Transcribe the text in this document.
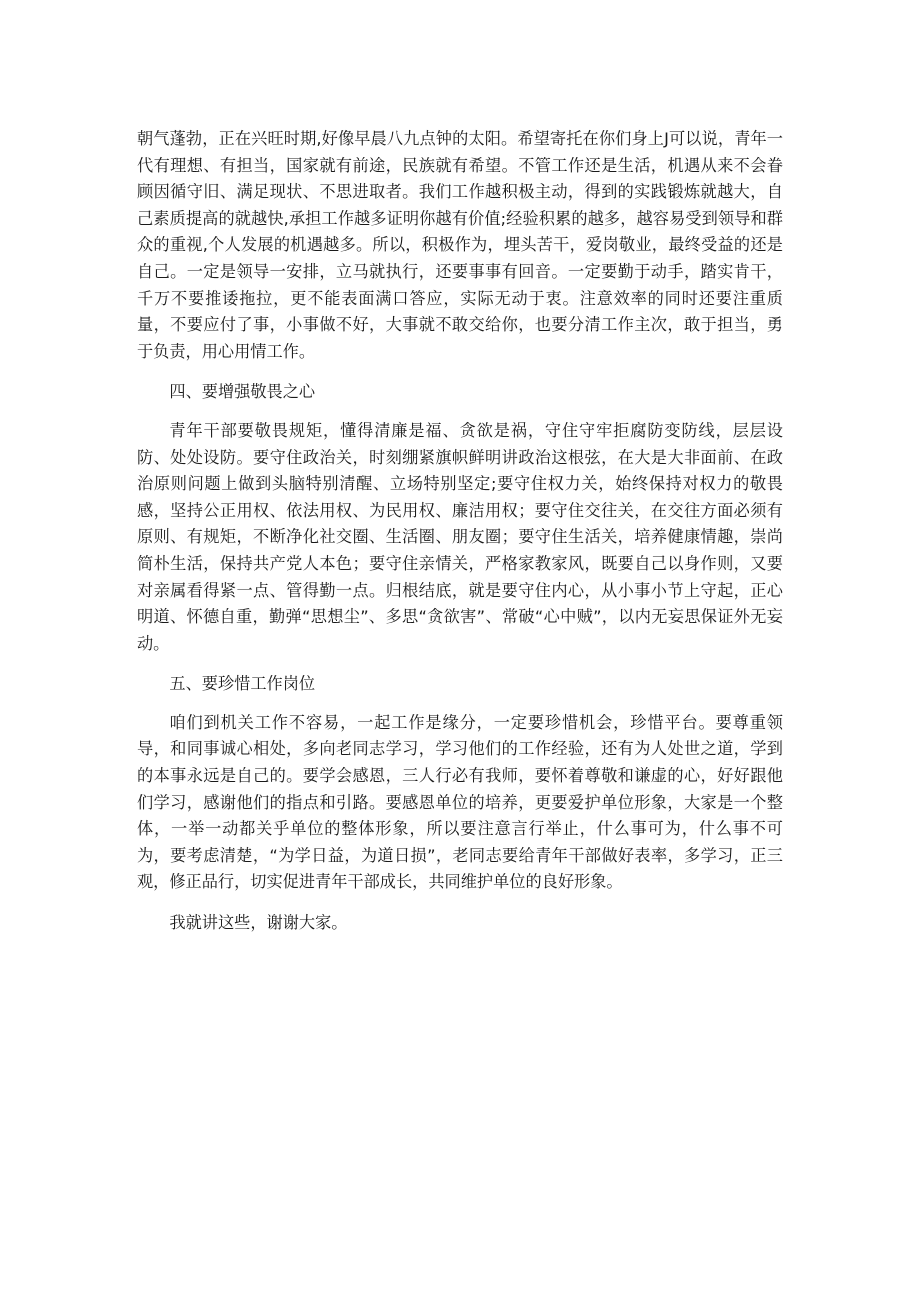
朝气蓬勃，正在兴旺时期,好像早晨八九点钟的太阳。希望寄托在你们身上J可以说，青年一代有理想、有担当，国家就有前途，民族就有希望。不管工作还是生活，机遇从来不会眷顾因循守旧、满足现状、不思进取者。我们工作越积极主动，得到的实践锻炼就越大，自己素质提高的就越快,承担工作越多证明你越有价值;经验积累的越多，越容易受到领导和群众的重视,个人发展的机遇越多。所以，积极作为，埋头苦干，爱岗敬业，最终受益的还是自己。一定是领导一安排，立马就执行，还要事事有回音。一定要勤于动手，踏实肯干，千万不要推诿拖拉，更不能表面满口答应，实际无动于衷。注意效率的同时还要注重质量，不要应付了事，小事做不好，大事就不敢交给你，也要分清工作主次，敢于担当，勇于负责，用心用情工作。

四、要增强敬畏之心

青年干部要敬畏规矩，懂得清廉是福、贪欲是祸，守住守牢拒腐防变防线，层层设防、处处设防。要守住政治关，时刻绷紧旗帜鲜明讲政治这根弦，在大是大非面前、在政治原则问题上做到头脑特别清醒、立场特别坚定;要守住权力关，始终保持对权力的敬畏感，坚持公正用权、依法用权、为民用权、廉洁用权；要守住交往关，在交往方面必须有原则、有规矩，不断净化社交圈、生活圈、朋友圈；要守住生活关，培养健康情趣，崇尚简朴生活，保持共产党人本色；要守住亲情关，严格家教家风，既要自己以身作则，又要对亲属看得紧一点、管得勤一点。归根结底，就是要守住内心，从小事小节上守起，正心明道、怀德自重，勤弹“思想尘”、多思“贪欲害”、常破“心中贼”，以内无妄思保证外无妄动。

五、要珍惜工作岗位

咱们到机关工作不容易，一起工作是缘分，一定要珍惜机会，珍惜平台。要尊重领导，和同事诚心相处，多向老同志学习，学习他们的工作经验，还有为人处世之道，学到的本事永远是自己的。要学会感恩，三人行必有我师，要怀着尊敬和谦虚的心，好好跟他们学习，感谢他们的指点和引路。要感恩单位的培养，更要爱护单位形象，大家是一个整体，一举一动都关乎单位的整体形象，所以要注意言行举止，什么事可为，什么事不可为，要考虑清楚，“为学日益，为道日损”，老同志要给青年干部做好表率，多学习，正三观，修正品行，切实促进青年干部成长，共同维护单位的良好形象。

我就讲这些，谢谢大家。
